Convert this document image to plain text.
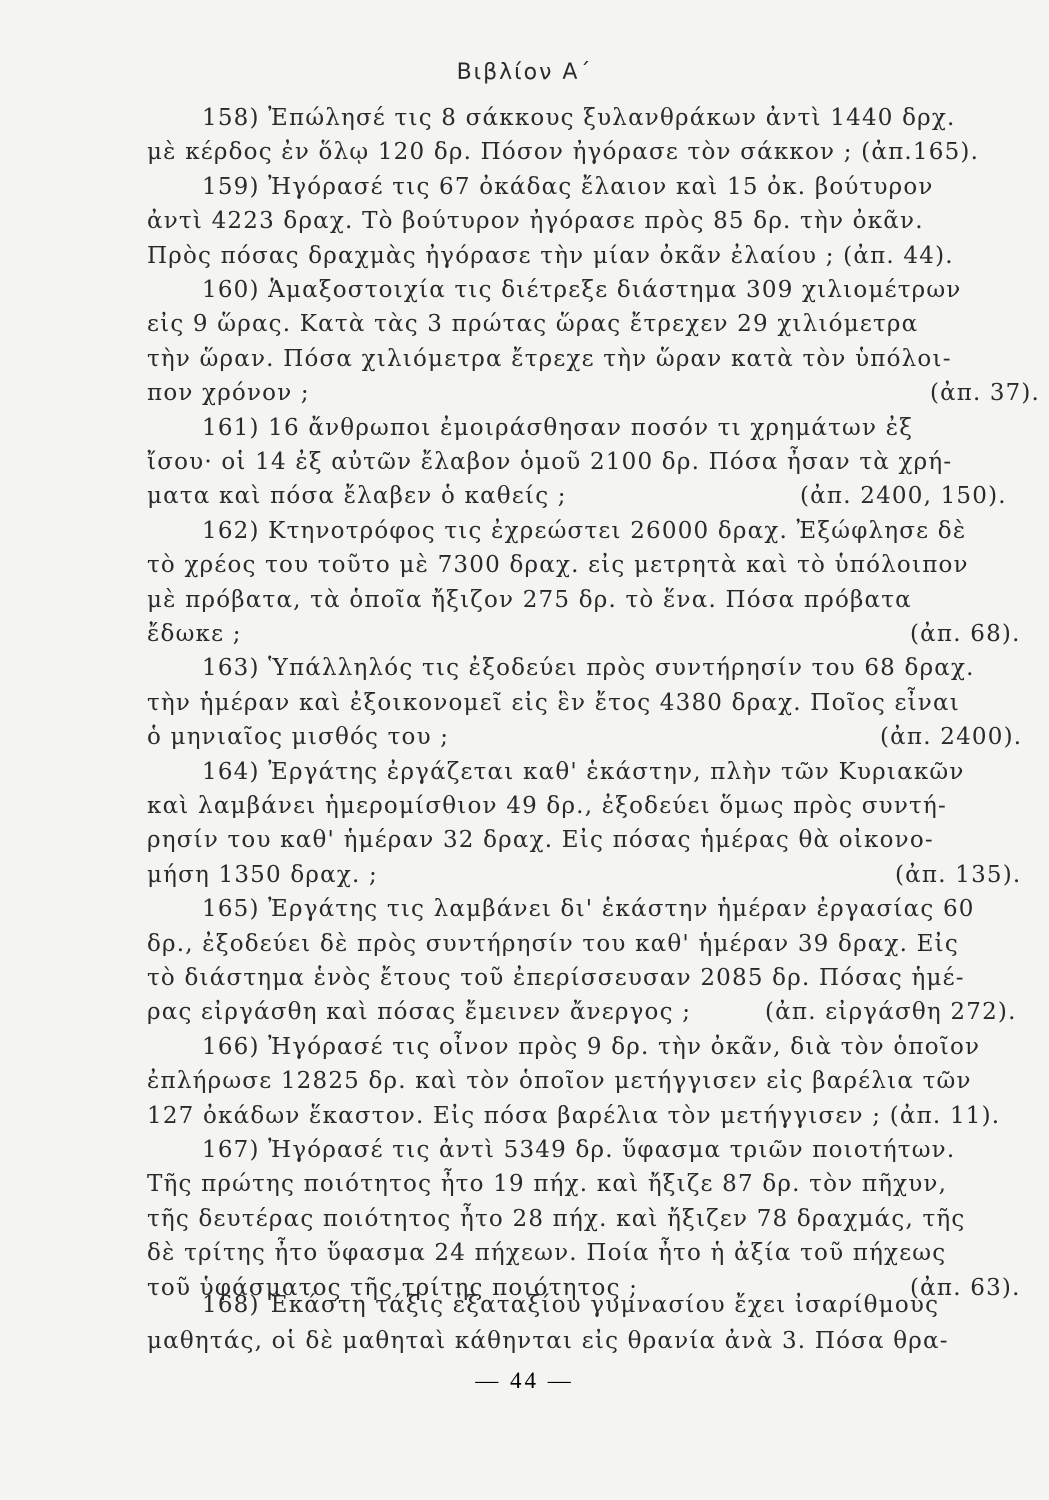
Βιβλίον Α΄
158) Ἐπώλησέ τις 8 σάκκους ξυλανθράκων ἀντὶ 1440 δρχ.
μὲ κέρδος ἐν ὅλῳ 120 δρ. Πόσον ἠγόρασε τὸν σάκκον ; (ἀπ.165).
159) Ἠγόρασέ τις 67 ὀκάδας ἔλαιον καὶ 15 ὀκ. βούτυρον
ἀντὶ 4223 δραχ. Τὸ βούτυρον ἠγόρασε πρὸς 85 δρ. τὴν ὀκᾶν.
Πρὸς πόσας δραχμὰς ἠγόρασε τὴν μίαν ὀκᾶν ἐλαίου ; (ἀπ. 44).
160) Ἁμαξοστοιχία τις διέτρεξε διάστημα 309 χιλιομέτρων
εἰς 9 ὥρας. Κατὰ τὰς 3 πρώτας ὥρας ἔτρεχεν 29 χιλιόμετρα
τὴν ὥραν. Πόσα χιλιόμετρα ἔτρεχε τὴν ὥραν κατὰ τὸν ὑπόλοι-
πον χρόνον ;	(ἀπ. 37).
161) 16 ἄνθρωποι ἐμοιράσθησαν ποσόν τι χρημάτων ἐξ
ἴσου· οἱ 14 ἐξ αὐτῶν ἔλαβον ὁμοῦ 2100 δρ. Πόσα ἦσαν τὰ χρή-
ματα καὶ πόσα ἔλαβεν ὁ καθείς ;	(ἀπ. 2400, 150).
162) Κτηνοτρόφος τις ἐχρεώστει 26000 δραχ. Ἐξώφλησε δὲ
τὸ χρέος του τοῦτο μὲ 7300 δραχ. εἰς μετρητὰ καὶ τὸ ὑπόλοιπον
μὲ πρόβατα, τὰ ὁποῖα ἤξιζον 275 δρ. τὸ ἕνα. Πόσα πρόβατα
ἔδωκε ;	(ἀπ. 68).
163) Ὑπάλληλός τις ἐξοδεύει πρὸς συντήρησίν του 68 δραχ.
τὴν ἡμέραν καὶ ἐξοικονομεῖ εἰς ἓν ἔτος 4380 δραχ. Ποῖος εἶναι
ὁ μηνιαῖος μισθός του ;	(ἀπ. 2400).
164) Ἐργάτης ἐργάζεται καθ' ἑκάστην, πλὴν τῶν Κυριακῶν
καὶ λαμβάνει ἡμερομίσθιον 49 δρ., ἐξοδεύει ὅμως πρὸς συντή-
ρησίν του καθ' ἡμέραν 32 δραχ. Εἰς πόσας ἡμέρας θὰ οἰκονο-
μήση 1350 δραχ. ;	(ἀπ. 135).
165) Ἐργάτης τις λαμβάνει δι' ἑκάστην ἡμέραν ἐργασίας 60
δρ., ἐξοδεύει δὲ πρὸς συντήρησίν του καθ' ἡμέραν 39 δραχ. Εἰς
τὸ διάστημα ἑνὸς ἔτους τοῦ ἐπερίσσευσαν 2085 δρ. Πόσας ἡμέ-
ρας εἰργάσθη καὶ πόσας ἔμεινεν ἄνεργος ;	(ἀπ. εἰργάσθη 272).
166) Ἠγόρασέ τις οἶνον πρὸς 9 δρ. τὴν ὀκᾶν, διὰ τὸν ὁποῖον
ἐπλήρωσε 12825 δρ. καὶ τὸν ὁποῖον μετήγγισεν εἰς βαρέλια τῶν
127 ὀκάδων ἕκαστον. Εἰς πόσα βαρέλια τὸν μετήγγισεν ; (ἀπ. 11).
167) Ἠγόρασέ τις ἀντὶ 5349 δρ. ὕφασμα τριῶν ποιοτήτων.
Τῆς πρώτης ποιότητος ἦτο 19 πήχ. καὶ ἤξιζε 87 δρ. τὸν πῆχυν,
τῆς δευτέρας ποιότητος ἦτο 28 πήχ. καὶ ἤξιζεν 78 δραχμάς, τῆς
δὲ τρίτης ἦτο ὕφασμα 24 πήχεων. Ποία ἦτο ἡ ἀξία τοῦ πήχεως
τοῦ ὑφάσματος τῆς τρίτης ποιότητος ;	(ἀπ. 63).
168) Ἑκάστη τάξις ἑξαταξίου γυμνασίου ἔχει ἰσαρίθμους
μαθητάς, οἱ δὲ μαθηταὶ κάθηνται εἰς θρανία ἀνὰ 3. Πόσα θρα-
— 44 —
